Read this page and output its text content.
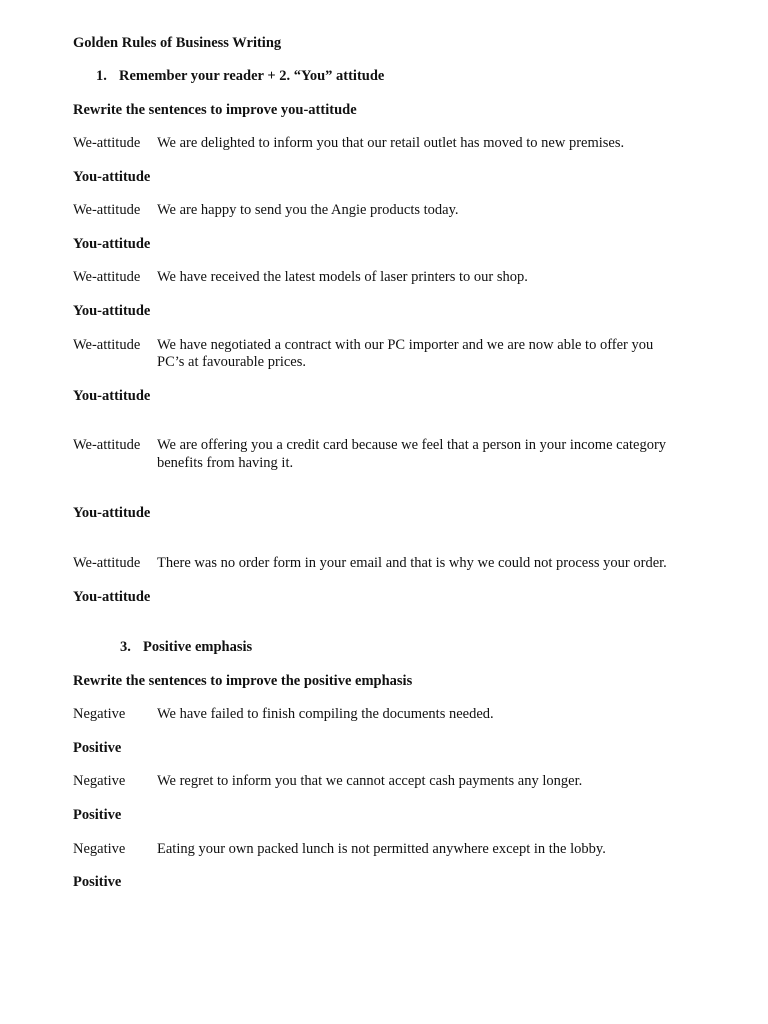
Golden Rules of Business Writing
1. Remember your reader + 2. “You” attitude
Rewrite the sentences to improve you-attitude
We-attitude We are delighted to inform you that our retail outlet has moved to new premises.
You-attitude
We-attitude We are happy to send you the Angie products today.
You-attitude
We-attitude We have received the latest models of laser printers to our shop.
You-attitude
We-attitude We have negotiated a contract with our PC importer and we are now able to offer you
PC’s at favourable prices.
You-attitude
We-attitude We are offering you a credit card because we feel that a person in your income category
benefits from having it.
You-attitude
We-attitude There was no order form in your email and that is why we could not process your order.
You-attitude
3. Positive emphasis
Rewrite the sentences to improve the positive emphasis
Negative We have failed to finish compiling the documents needed.
Positive
Negative We regret to inform you that we cannot accept cash payments any longer.
Positive
Negative Eating your own packed lunch is not permitted anywhere except in the lobby.
Positive
